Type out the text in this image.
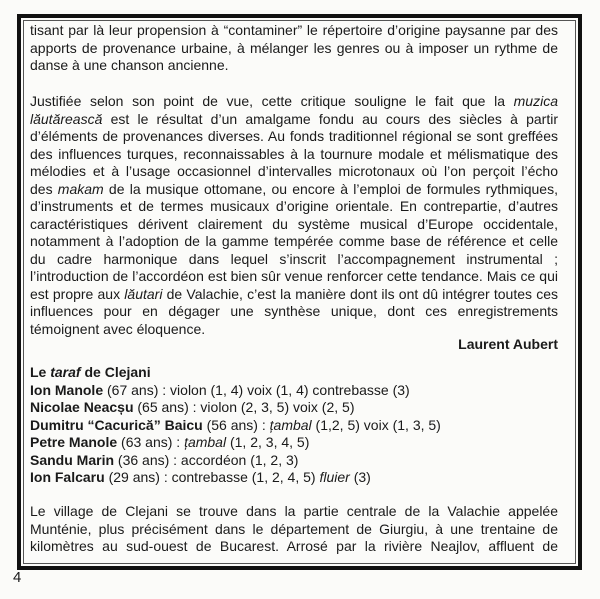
tisant par là leur propension à “contaminer” le répertoire d’origine paysanne par des
apports de provenance urbaine, à mélanger les genres ou à imposer un rythme de
danse à une chanson ancienne.
Justifiée selon son point de vue, cette critique souligne le fait que la muzica
lăutărească est le résultat d’un amalgame fondu au cours des siècles à partir
d’éléments de provenances diverses. Au fonds traditionnel régional se sont greffées
des influences turques, reconnaissables à la tournure modale et mélismatique des
mélodies et à l’usage occasionnel d’intervalles microtonaux où l’on perçoit l’écho
des makam de la musique ottomane, ou encore à l’emploi de formules rythmiques,
d’instruments et de termes musicaux d’origine orientale. En contrepartie, d’autres
caractéristiques dérivent clairement du système musical d’Europe occidentale,
notamment à l’adoption de la gamme tempérée comme base de référence et celle
du cadre harmonique dans lequel s’inscrit l’accompagnement instrumental ;
l’introduction de l’accordéon est bien sûr venue renforcer cette tendance. Mais ce qui
est propre aux lăutari de Valachie, c’est la manière dont ils ont dû intégrer toutes ces
influences pour en dégager une synthèse unique, dont ces enregistrements
témoignent avec éloquence.
Laurent Aubert
Le taraf de Clejani
Ion Manole (67 ans) : violon (1, 4) voix (1, 4) contrebasse (3)
Nicolae Neacșu (65 ans) : violon (2, 3, 5) voix (2, 5)
Dumitru “Cacurică” Baicu (56 ans) : țambal (1,2, 5) voix (1, 3, 5)
Petre Manole (63 ans) : țambal (1, 2, 3, 4, 5)
Sandu Marin (36 ans) : accordéon (1, 2, 3)
Ion Falcaru (29 ans) : contrebasse (1, 2, 4, 5) fluier (3)
Le village de Clejani se trouve dans la partie centrale de la Valachie appelée
Munténie, plus précisément dans le département de Giurgiu, à une trentaine de
kilomètres au sud-ouest de Bucarest. Arrosé par la rivière Neajlov, affluent de
4
